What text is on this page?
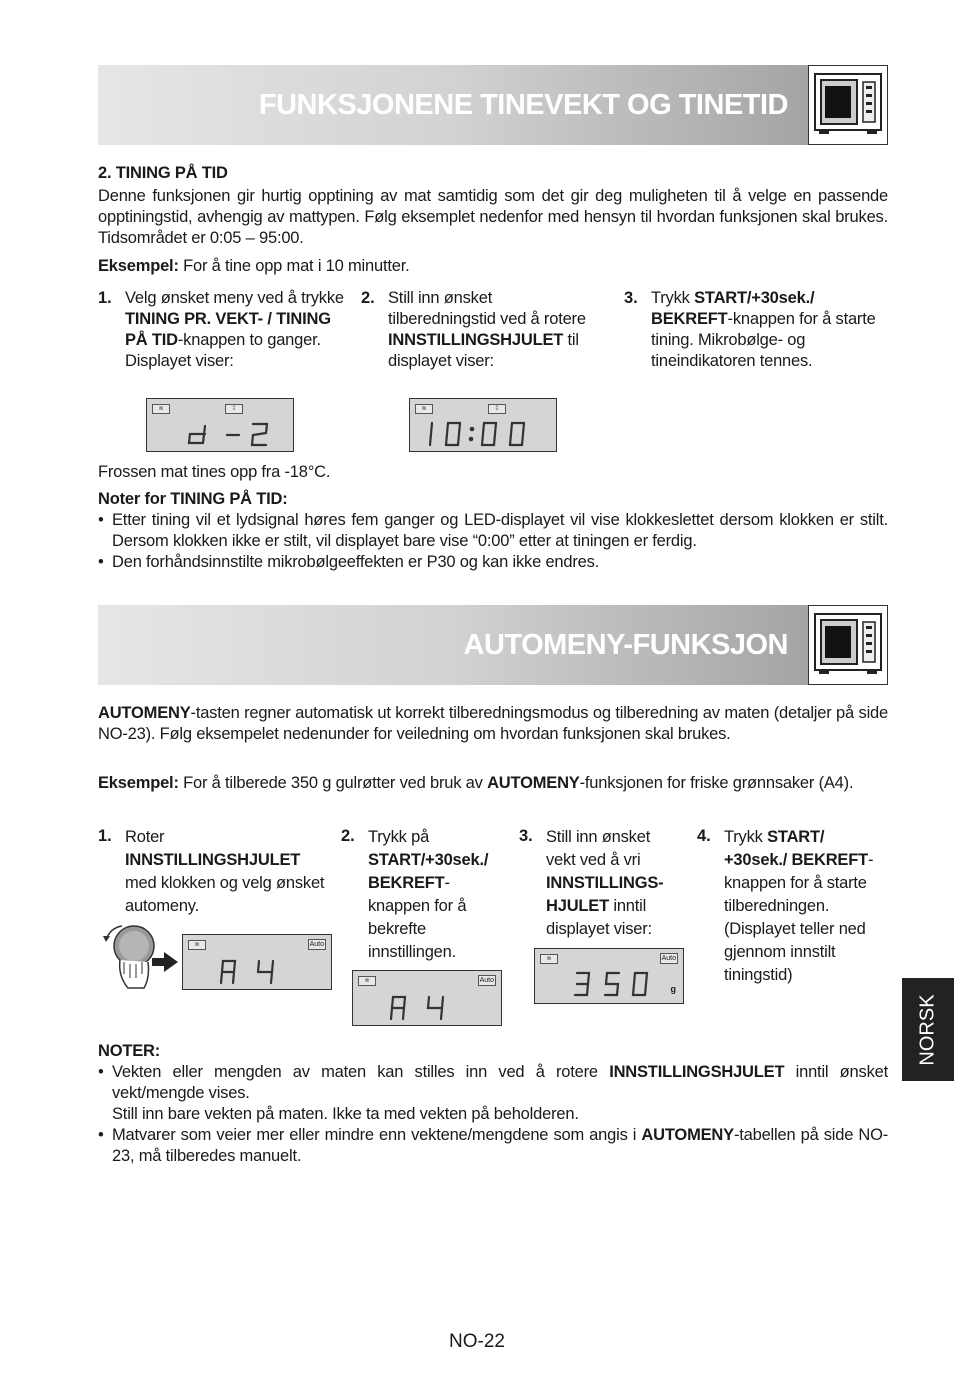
FUNKSJONENE TINEVEKT OG TINETID
2. TINING PÅ TID
Denne funksjonen gir hurtig opptining av mat samtidig som det gir deg muligheten til å velge en passende opptiningstid, avhengig av mattypen. Følg eksemplet nedenfor med hensyn til hvordan funksjonen skal brukes. Tidsområdet er 0:05 – 95:00.
Eksempel: For å tine opp mat i 10 minutter.
1. Velg ønsket meny ved å trykke TINING PR. VEKT- / TINING PÅ TID-knappen to ganger.
Displayet viser:
≋	⁞⁞
2. Still inn ønsket tilberedningstid ved å rotere INNSTILLINGSHJULET til displayet viser:
≋	⁞⁞
3. Trykk START/+30sek./ BEKREFT-knappen for å starte tining. Mikrobølge- og tineindikatoren tennes.
Frossen mat tines opp fra -18°C.
Noter for TINING PÅ TID:
• Etter tining vil et lydsignal høres fem ganger og LED-displayet vil vise klokkeslettet dersom klokken er stilt. Dersom klokken ikke er stilt, vil displayet bare vise “0:00” etter at tiningen er ferdig.
• Den forhåndsinnstilte mikrobølgeeffekten er P30 og kan ikke endres.
AUTOMENY-FUNKSJON
AUTOMENY-tasten regner automatisk ut korrekt tilberedningsmodus og tilberedning av maten (detaljer på side NO-23). Følg eksempelet nedenunder for veiledning om hvordan funksjonen skal brukes.
Eksempel: For å tilberede 350 g gulrøtter ved bruk av AUTOMENY-funksjonen for friske grønnsaker (A4).
1. Roter
INNSTILLINGSHJULET
med klokken og velg ønsket automeny.
≋	Auto
2. Trykk på
START/+30sek./ BEKREFT-knappen for å bekrefte innstillingen.
≋	Auto
3. Still inn ønsket vekt ved å vri INNSTILLINGS-HJULET inntil displayet viser:
≋	Auto
g
4. Trykk START/ +30sek./ BEKREFT-knappen for å starte tilberedningen. (Displayet teller ned gjennom innstilt tiningstid)
NOTER:
• Vekten eller mengden av maten kan stilles inn ved å rotere INNSTILLINGSHJULET inntil ønsket vekt/mengde vises.
Still inn bare vekten på maten. Ikke ta med vekten på beholderen.
• Matvarer som veier mer eller mindre enn vektene/mengdene som angis i AUTOMENY-tabellen på side NO-23, må tilberedes manuelt.
NORSK
NO-22
